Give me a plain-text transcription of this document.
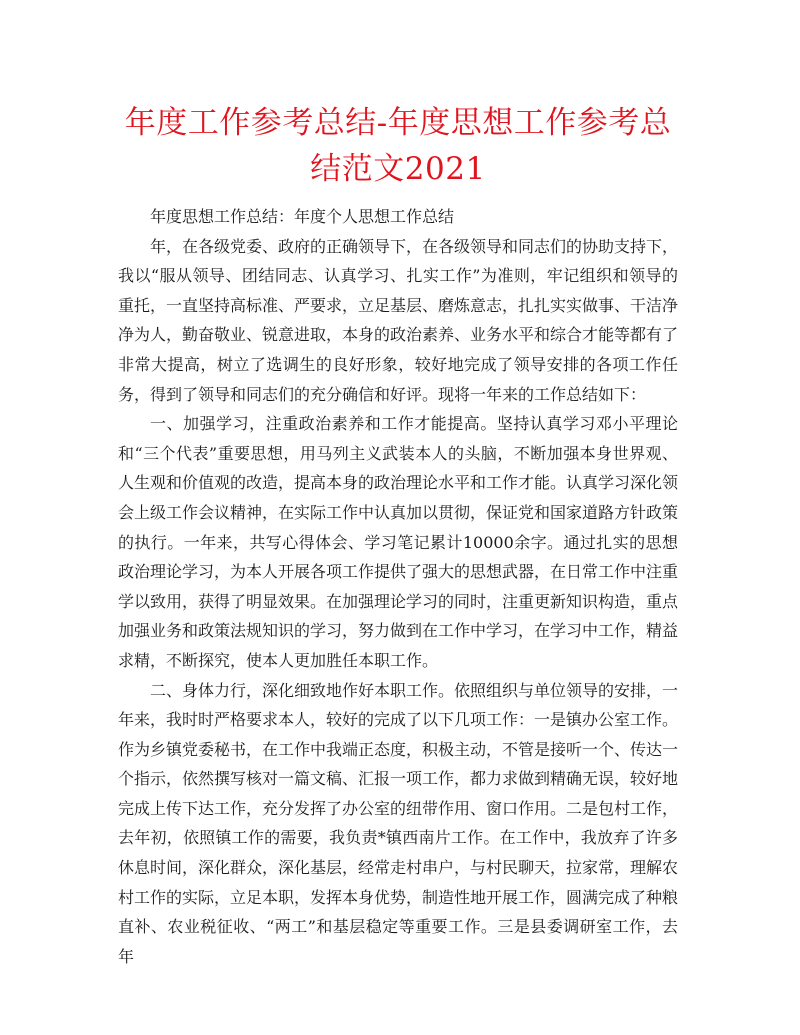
年度工作参考总结-年度思想工作参考总结范文2021

年度思想工作总结：年度个人思想工作总结

年，在各级党委、政府的正确领导下，在各级领导和同志们的协助支持下，我以“服从领导、团结同志、认真学习、扎实工作”为准则，牢记组织和领导的重托，一直坚持高标准、严要求，立足基层、磨炼意志，扎扎实实做事、干洁净净为人，勤奋敬业、锐意进取，本身的政治素养、业务水平和综合才能等都有了非常大提高，树立了选调生的良好形象，较好地完成了领导安排的各项工作任务，得到了领导和同志们的充分确信和好评。现将一年来的工作总结如下：

一、加强学习，注重政治素养和工作才能提高。坚持认真学习邓小平理论和“三个代表”重要思想，用马列主义武装本人的头脑，不断加强本身世界观、人生观和价值观的改造，提高本身的政治理论水平和工作才能。认真学习深化领会上级工作会议精神，在实际工作中认真加以贯彻，保证党和国家道路方针政策的执行。一年来，共写心得体会、学习笔记累计10000余字。通过扎实的思想政治理论学习，为本人开展各项工作提供了强大的思想武器，在日常工作中注重学以致用，获得了明显效果。在加强理论学习的同时，注重更新知识构造，重点加强业务和政策法规知识的学习，努力做到在工作中学习，在学习中工作，精益求精，不断探究，使本人更加胜任本职工作。

二、身体力行，深化细致地作好本职工作。依照组织与单位领导的安排，一年来，我时时严格要求本人，较好的完成了以下几项工作：一是镇办公室工作。作为乡镇党委秘书，在工作中我端正态度，积极主动，不管是接听一个、传达一个指示，依然撰写核对一篇文稿、汇报一项工作，都力求做到精确无误，较好地完成上传下达工作，充分发挥了办公室的纽带作用、窗口作用。二是包村工作，去年初，依照镇工作的需要，我负责*镇西南片工作。在工作中，我放弃了许多休息时间，深化群众，深化基层，经常走村串户，与村民聊天，拉家常，理解农村工作的实际，立足本职，发挥本身优势，制造性地开展工作，圆满完成了种粮直补、农业税征收、“两工”和基层稳定等重要工作。三是县委调研室工作，去年
